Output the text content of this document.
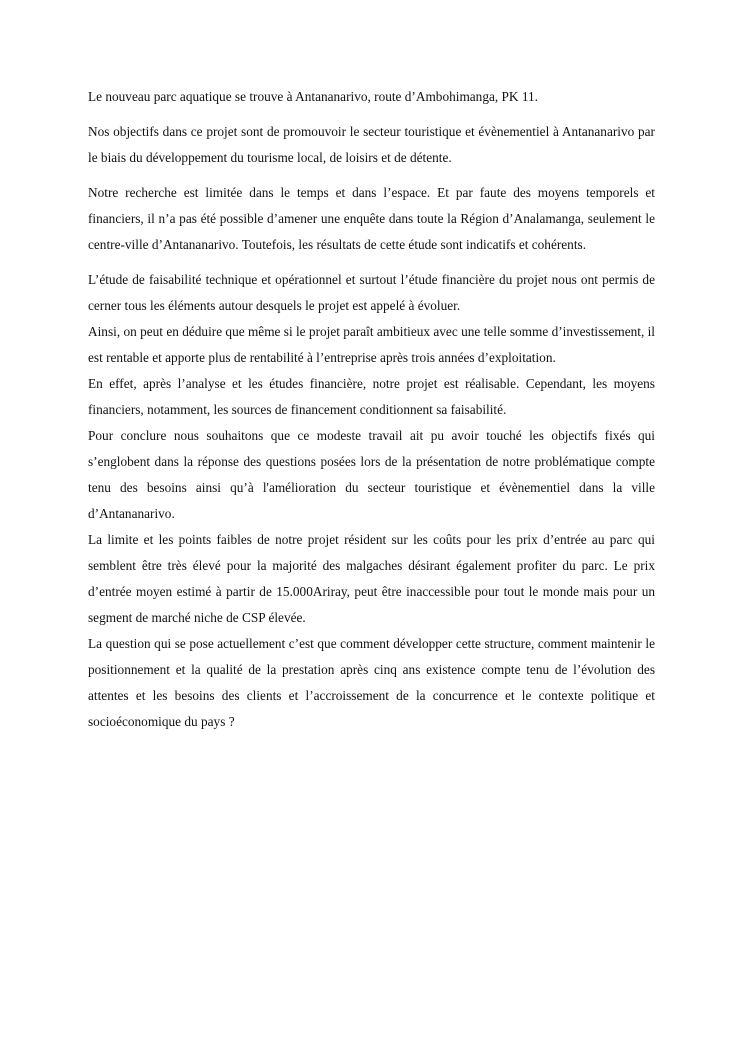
Le nouveau parc aquatique se trouve à Antananarivo, route d’Ambohimanga, PK 11.

Nos objectifs dans ce projet sont de promouvoir le secteur touristique et évènementiel à Antananarivo par le biais du développement du tourisme local, de loisirs et de détente.

Notre recherche est limitée dans le temps et dans l’espace. Et par faute des moyens temporels et financiers, il n’a pas été possible d’amener une enquête dans toute la Région d’Analamanga, seulement le centre-ville d’Antananarivo. Toutefois, les résultats de cette étude sont indicatifs et cohérents.

L’étude de faisabilité technique et opérationnel et surtout l’étude financière du projet nous ont permis de cerner tous les éléments autour desquels le projet est appelé à évoluer.

Ainsi, on peut en déduire que même si le projet paraît ambitieux avec une telle somme d’investissement, il est rentable et apporte plus de rentabilité à l’entreprise après trois années d’exploitation.

En effet, après l’analyse et les études financière, notre projet est réalisable. Cependant, les moyens financiers, notamment, les sources de financement conditionnent sa faisabilité.

Pour conclure nous souhaitons que ce modeste travail ait pu avoir touché les objectifs fixés qui s’englobent dans la réponse des questions posées lors de la présentation de notre problématique compte tenu des besoins ainsi qu’à l'amélioration du secteur touristique et évènementiel dans la ville d’Antananarivo.

La limite et les points faibles de notre projet résident sur les coûts pour les prix d’entrée au parc qui semblent être très élevé pour la majorité des malgaches désirant également profiter du parc. Le prix d’entrée moyen estimé à partir de 15.000Ariray, peut être inaccessible pour tout le monde mais pour un segment de marché niche de CSP élevée.

La question qui se pose actuellement c’est que comment développer cette structure, comment maintenir le positionnement et la qualité de la prestation après cinq ans existence compte tenu de l’évolution des attentes et les besoins des clients et l’accroissement de la concurrence et le contexte politique et socioéconomique du pays ?
